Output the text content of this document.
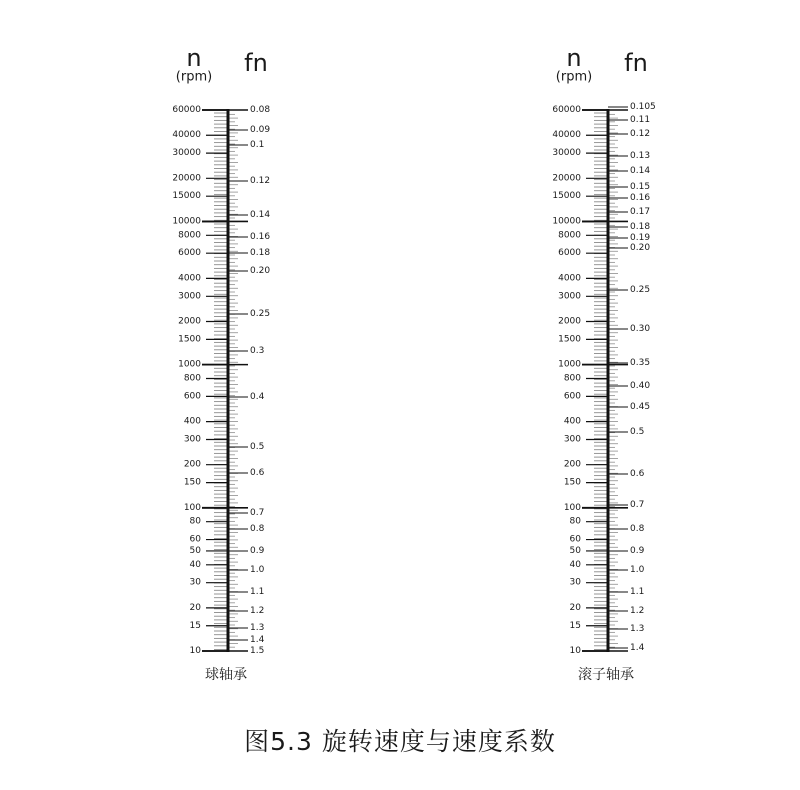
n
(rpm) fn
60000
40000
30000
20000
15000
10000
8000
6000
4000
3000
2000
1500
1000
800
600
400
300
200
150
100
80
60
50
40
30
20
15
10
0.08
0.09
0.1
0.12
0.14
0.16
0.18
0.20
0.25
0.3
0.4
0.5
0.6
0.7
0.8
0.9
1.0
1.1
1.2
1.3
1.4
1.5
球轴承
n
(rpm) fn
60000
40000
30000
20000
15000
10000
8000
6000
4000
3000
2000
1500
1000
800
600
400
300
200
150
100
80
60
50
40
30
20
15
10
0.105
0.11
0.12
0.13
0.14
0.15
0.16
0.17
0.18
0.19
0.20
0.25
0.30
0.35
0.40
0.45
0.5
0.6
0.7
0.8
0.9
1.0
1.1
1.2
1.3
1.4
滚子轴承
图5.3 旋转速度与速度系数
